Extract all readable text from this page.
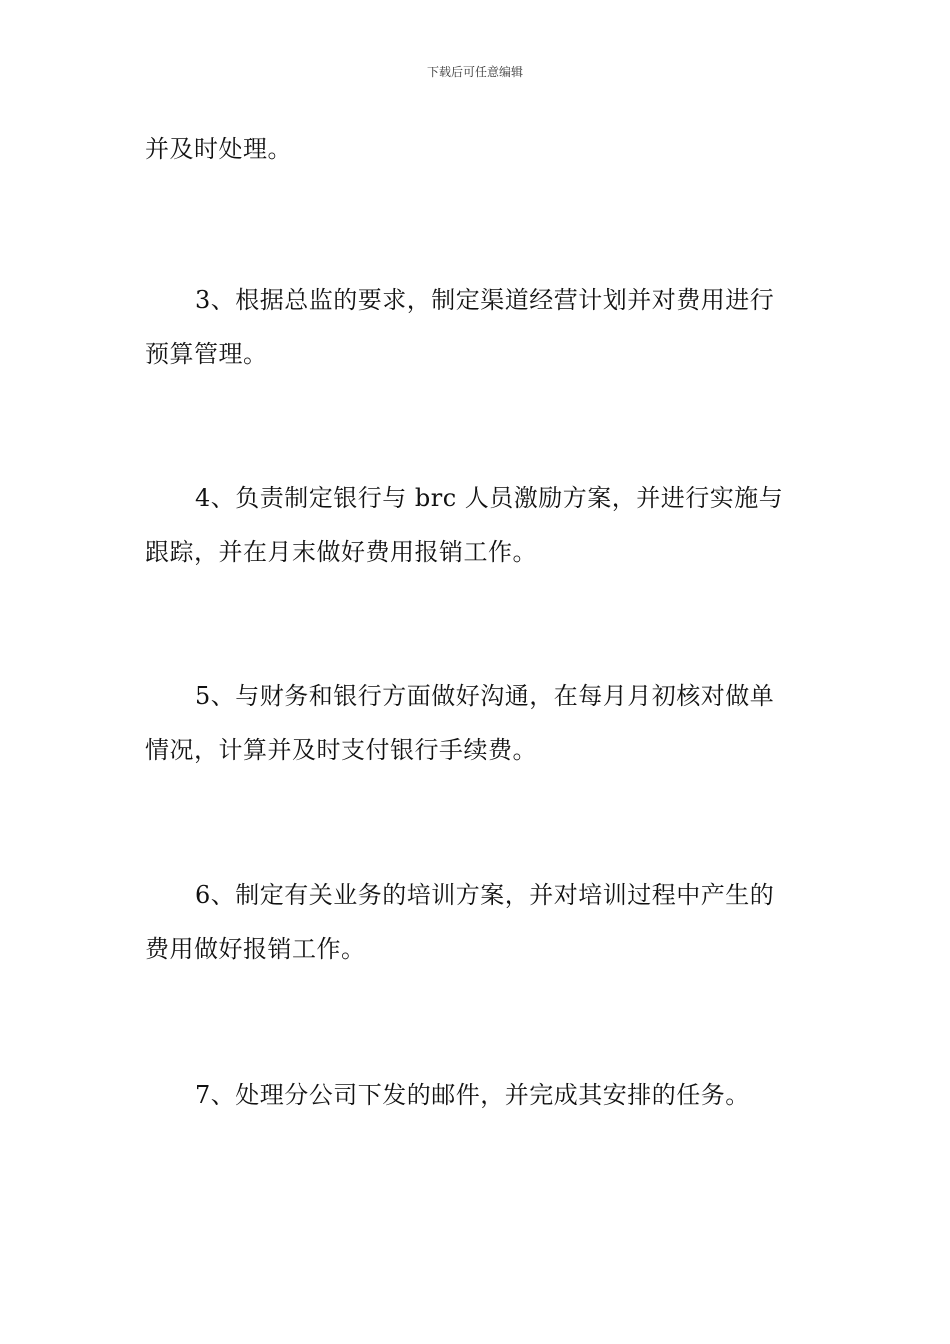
下载后可任意编辑
并及时处理。
3、根据总监的要求，制定渠道经营计划并对费用进行
预算管理。
4、负责制定银行与 brc 人员激励方案，并进行实施与
跟踪，并在月末做好费用报销工作。
5、与财务和银行方面做好沟通，在每月月初核对做单
情况，计算并及时支付银行手续费。
6、制定有关业务的培训方案，并对培训过程中产生的
费用做好报销工作。
7、处理分公司下发的邮件，并完成其安排的任务。
